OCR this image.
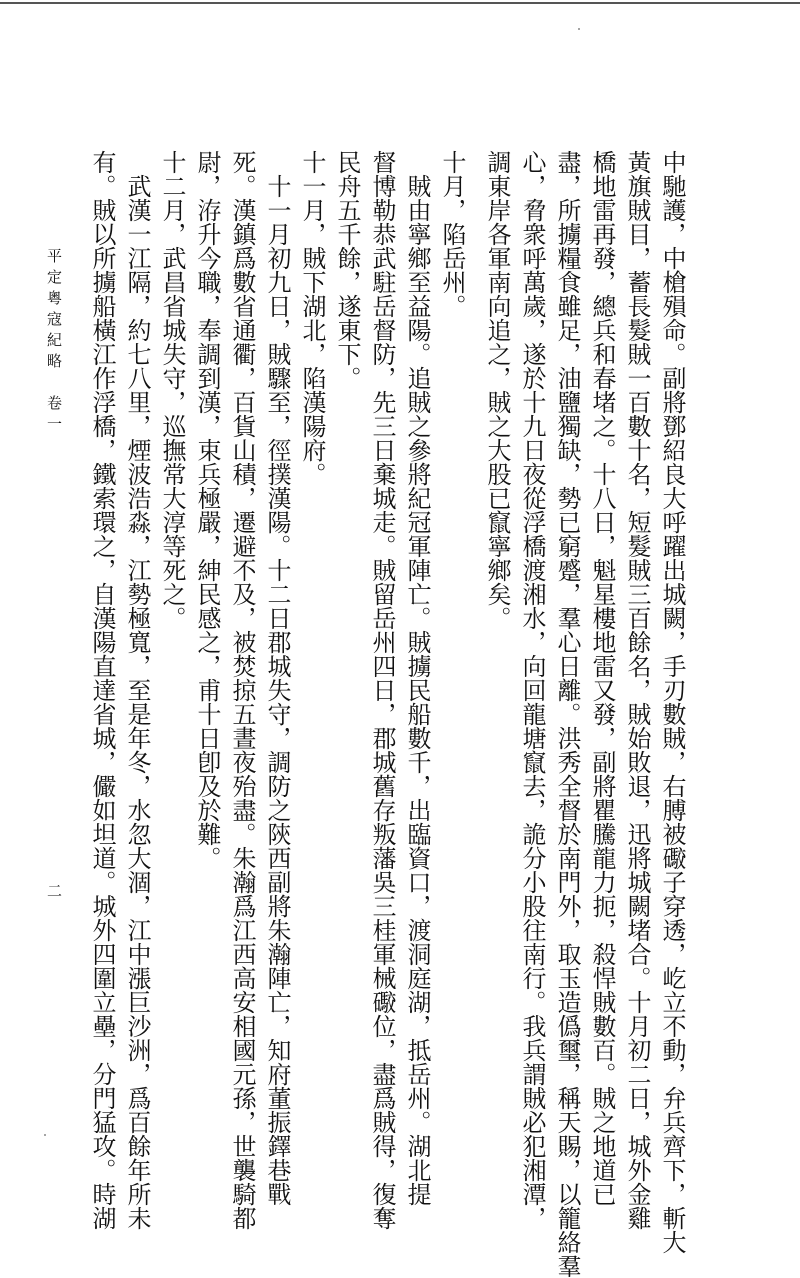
中馳護，中槍殞命。副將鄧紹良大呼躍出城闕，手刃數賊，右膊被礮子穿透，屹立不動，弁兵齊下，斬大
黃旗賊目，蓄長髮賊一百數十名，短髮賊三百餘名，賊始敗退，迅將城闕堵合。十月初二日，城外金雞
橋地雷再發，總兵和春堵之。十八日，魁星樓地雷又發，副將瞿騰龍力扼，殺悍賊數百。賊之地道已
盡，所擄糧食雖足，油鹽獨缺，勢已窮蹙，羣心日離。洪秀全督於南門外，取玉造僞璽，稱天賜，以籠絡羣
心，脅衆呼萬歲，遂於十九日夜從浮橋渡湘水，向回龍塘竄去，詭分小股往南行。我兵謂賊必犯湘潭，
調東岸各軍南向追之，賊之大股已竄寧鄉矣。
十月，陷岳州。
　賊由寧鄉至益陽。追賊之參將紀冠軍陣亡。賊擄民船數千，出臨資口，渡洞庭湖，抵岳州。湖北提
督博勒恭武駐岳督防，先三日棄城走。賊留岳州四日，郡城舊存叛藩吳三桂軍械礮位，盡爲賊得，復奪
民舟五千餘，遂東下。
十一月，賊下湖北，陷漢陽府。
　十一月初九日，賊驟至，徑撲漢陽。十二日郡城失守，調防之陝西副將朱瀚陣亡，知府董振鐸巷戰
死。漢鎮爲數省通衢，百貨山積，遷避不及，被焚掠五晝夜殆盡。朱瀚爲江西高安相國元孫，世襲騎都
尉，洊升今職，奉調到漢，束兵極嚴，紳民感之，甫十日卽及於難。
十二月，武昌省城失守，巡撫常大淳等死之。
　武漢一江隔，約七八里，煙波浩淼，江勢極寬，至是年冬，水忽大涸，江中漲巨沙洲，爲百餘年所未
有。賊以所擄船橫江作浮橋，鐵索環之，自漢陽直達省城，儼如坦道。城外四圍立壘，分門猛攻。時湖
平定粵寇紀略　卷一
二
